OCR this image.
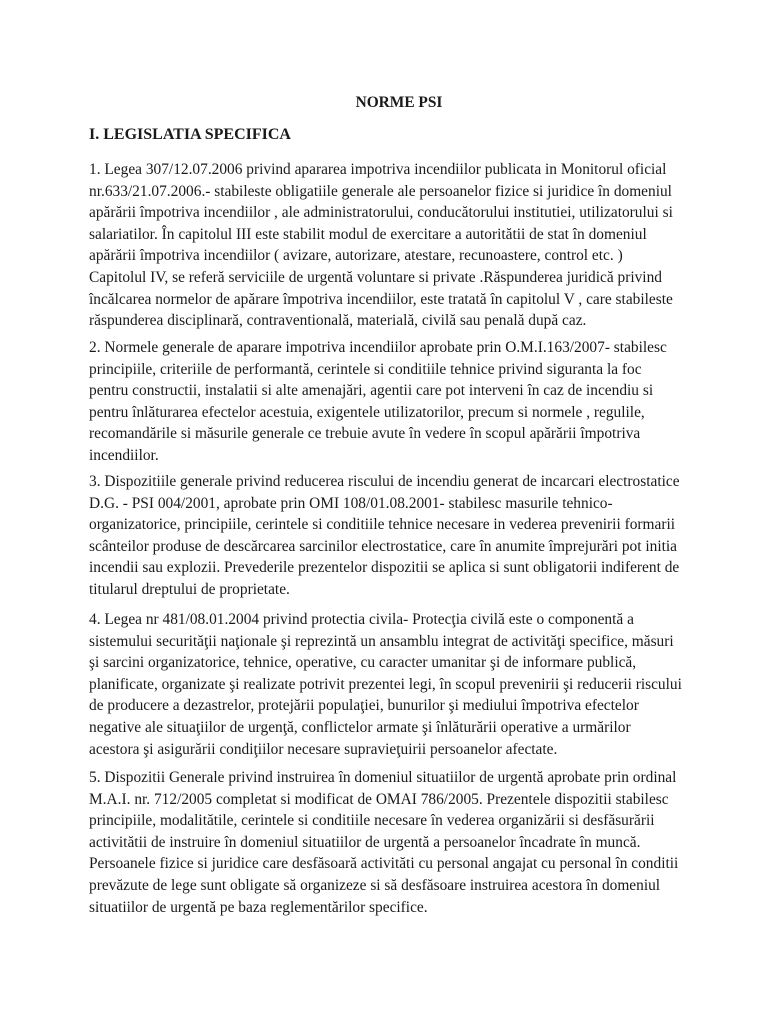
NORME PSI
I. LEGISLATIA SPECIFICA

1. Legea 307/12.07.2006 privind apararea impotriva incendiilor publicata in Monitorul oficial nr.633/21.07.2006.- stabileste obligatiile generale ale persoanelor fizice si juridice în domeniul apărării împotriva incendiilor , ale administratorului, conducătorului institutiei, utilizatorului si salariatilor. În capitolul III este stabilit modul de exercitare a autoritătii de stat în domeniul apărării împotriva incendiilor ( avizare, autorizare, atestare, recunoastere, control etc. ) Capitolul IV, se referă serviciile de urgentă voluntare si private .Răspunderea juridică privind încălcarea normelor de apărare împotriva incendiilor, este tratată în capitolul V , care stabileste răspunderea disciplinară, contraventională, materială, civilă sau penală după caz.

2. Normele generale de aparare impotriva incendiilor aprobate prin O.M.I.163/2007- stabilesc principiile, criteriile de performantă, cerintele si conditiile tehnice privind siguranta la foc pentru constructii, instalatii si alte amenajări, agentii care pot interveni în caz de incendiu si pentru înlăturarea efectelor acestuia, exigentele utilizatorilor, precum si normele , regulile, recomandările si măsurile generale ce trebuie avute în vedere în scopul apărării împotriva incendiilor.

3. Dispozitiile generale privind reducerea riscului de incendiu generat de incarcari electrostatice D.G. - PSI 004/2001, aprobate prin OMI 108/01.08.2001- stabilesc masurile tehnico-organizatorice, principiile, cerintele si conditiile tehnice necesare in vederea prevenirii formarii scânteilor produse de descărcarea sarcinilor electrostatice, care în anumite împrejurări pot initia incendii sau explozii. Prevederile prezentelor dispozitii se aplica si sunt obligatorii indiferent de titularul dreptului de proprietate.

4. Legea nr 481/08.01.2004 privind protectia civila- Protecţia civilă este o componentă a sistemului securităţii naţionale şi reprezintă un ansamblu integrat de activităţi specifice, măsuri şi sarcini organizatorice, tehnice, operative, cu caracter umanitar şi de informare publică, planificate, organizate şi realizate potrivit prezentei legi, în scopul prevenirii şi reducerii riscului de producere a dezastrelor, protejării populaţiei, bunurilor şi mediului împotriva efectelor negative ale situaţiilor de urgenţă, conflictelor armate şi înlăturării operative a urmărilor acestora şi asigurării condiţiilor necesare supravieţuirii persoanelor afectate.

5. Dispozitii Generale privind instruirea în domeniul situatiilor de urgentă aprobate prin ordinal M.A.I. nr. 712/2005 completat si modificat de OMAI 786/2005. Prezentele dispozitii stabilesc principiile, modalitătile, cerintele si conditiile necesare în vederea organizării si desfăsurării activitătii de instruire în domeniul situatiilor de urgentă a persoanelor încadrate în muncă. Persoanele fizice si juridice care desfăsoară activităti cu personal angajat cu personal în conditii prevăzute de lege sunt obligate să organizeze si să desfăsoare instruirea acestora în domeniul situatiilor de urgentă pe baza reglementărilor specifice.
